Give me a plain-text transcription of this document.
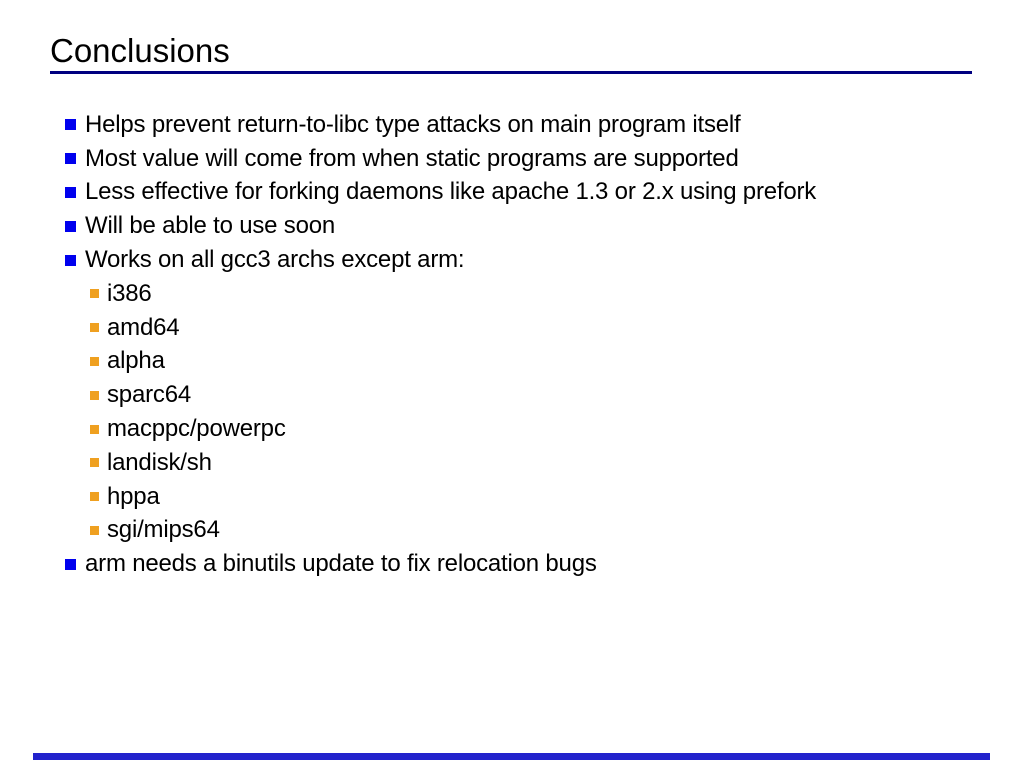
Conclusions
Helps prevent return-to-libc type attacks on main program itself
Most value will come from when static programs are supported
Less effective for forking daemons like apache 1.3 or 2.x using prefork
Will be able to use soon
Works on all gcc3 archs except arm:
i386
amd64
alpha
sparc64
macppc/powerpc
landisk/sh
hppa
sgi/mips64
arm needs a binutils update to fix relocation bugs
